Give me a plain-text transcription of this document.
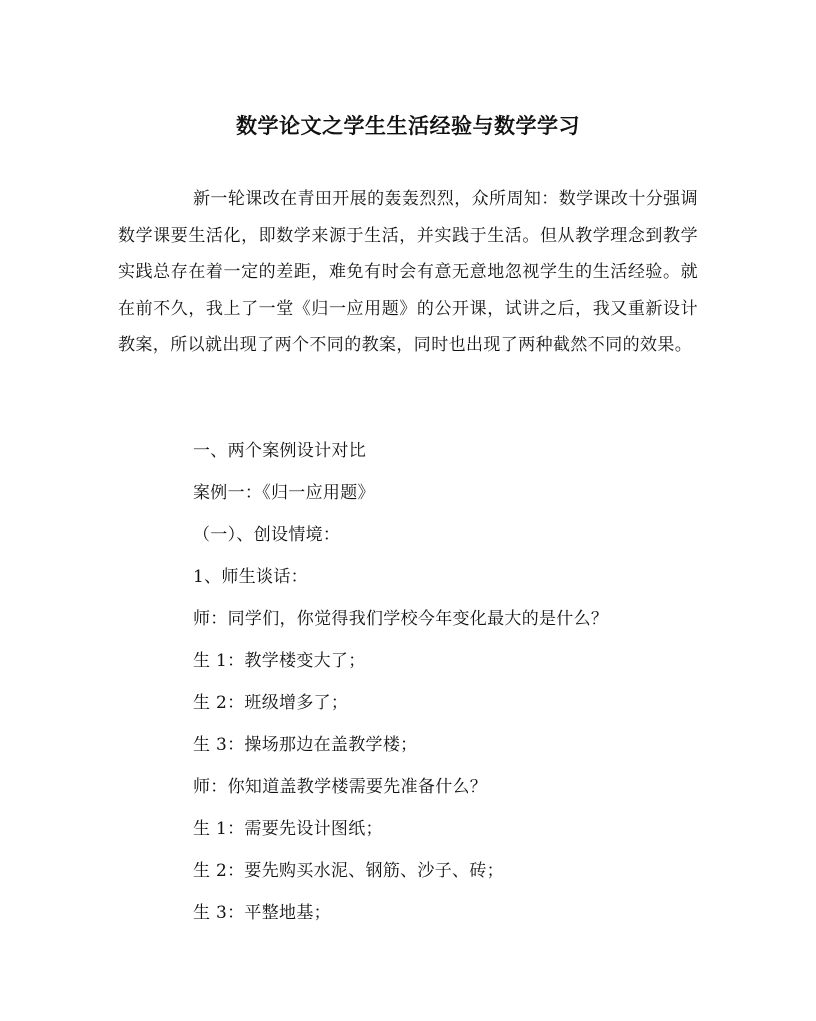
数学论文之学生生活经验与数学学习
新一轮课改在青田开展的轰轰烈烈，众所周知：数学课改十分强调数学课要生活化，即数学来源于生活，并实践于生活。但从教学理念到教学实践总存在着一定的差距，难免有时会有意无意地忽视学生的生活经验。就在前不久，我上了一堂《归一应用题》的公开课，试讲之后，我又重新设计教案，所以就出现了两个不同的教案，同时也出现了两种截然不同的效果。
一、两个案例设计对比
案例一：《归一应用题》
（一）、创设情境：
1、师生谈话：
师：同学们，你觉得我们学校今年变化最大的是什么？
生 1：教学楼变大了；
生 2：班级增多了；
生 3：操场那边在盖教学楼；
师：你知道盖教学楼需要先准备什么？
生 1：需要先设计图纸；
生 2：要先购买水泥、钢筋、沙子、砖；
生 3：平整地基；
